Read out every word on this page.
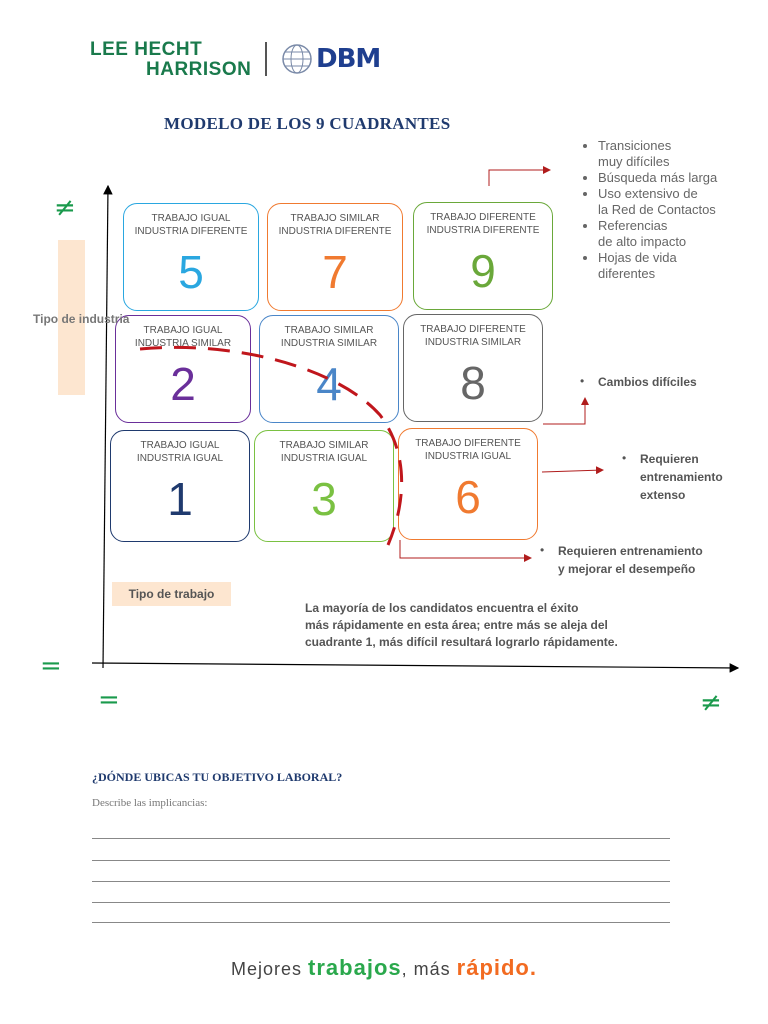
LEE HECHT
HARRISON DBM
MODELO DE LOS 9 CUADRANTES
TRABAJO IGUAL
INDUSTRIA DIFERENTE
5
TRABAJO SIMILAR
INDUSTRIA DIFERENTE
7
TRABAJO DIFERENTE
INDUSTRIA DIFERENTE
9
TRABAJO IGUAL
INDUSTRIA SIMILAR
2
TRABAJO SIMILAR
INDUSTRIA SIMILAR
4
TRABAJO DIFERENTE
INDUSTRIA SIMILAR
8
TRABAJO IGUAL
INDUSTRIA IGUAL
1
TRABAJO SIMILAR
INDUSTRIA IGUAL
3
TRABAJO DIFERENTE
INDUSTRIA IGUAL
6
Tipo de industria
Tipo de trabajo
≠
=
=	≠
• Transiciones
muy difíciles
• Búsqueda más larga
• Uso extensivo de
la Red de Contactos
• Referencias
de alto impacto
• Hojas de vida
diferentes
• Cambios difíciles
• Requieren
entrenamiento
extenso
• Requieren entrenamiento
y mejorar el desempeño
La mayoría de los candidatos encuentra el éxito
más rápidamente en esta área; entre más se aleja del
cuadrante 1, más difícil resultará lograrlo rápidamente.
¿DÓNDE UBICAS TU OBJETIVO LABORAL?
Describe las implicancias:
Mejores trabajos, más rápido.
